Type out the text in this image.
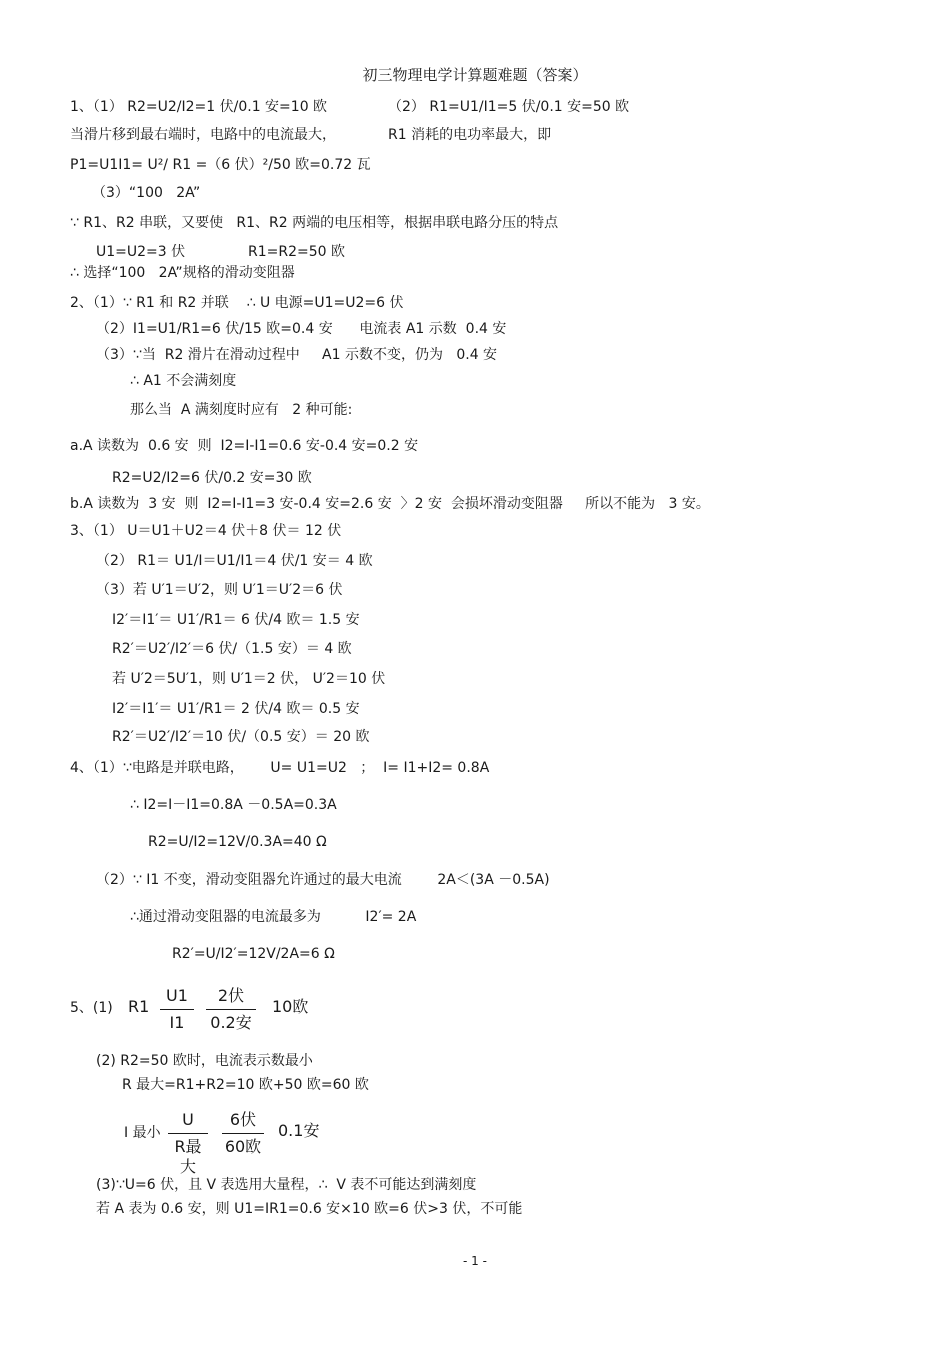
初三物理电学计算题难题（答案）
1、（1） R2=U2/I2=1 伏/0.1 安=10 欧	（2） R1=U1/I1=5 伏/0.1 安=50 欧
当滑片移到最右端时，电路中的电流最大，	R1 消耗的电功率最大，即
P1=U1I1= U²/ R1 =（6 伏）²/50 欧=0.72 瓦
（3）“100   2A”
∵ R1、R2 串联，又要使   R1、R2 两端的电压相等，根据串联电路分压的特点
U1=U2=3 伏	R1=R2=50 欧
∴ 选择“100   2A”规格的滑动变阻器
2、（1）∵ R1 和 R2 并联    ∴ U 电源=U1=U2=6 伏
（2）I1=U1/R1=6 伏/15 欧=0.4 安      电流表 A1 示数  0.4 安
（3）∵当  R2 滑片在滑动过程中     A1 示数不变，仍为   0.4 安
∴ A1 不会满刻度
那么当  A 满刻度时应有   2 种可能:
a.A 读数为  0.6 安  则  I2=I-I1=0.6 安-0.4 安=0.2 安
R2=U2/I2=6 伏/0.2 安=30 欧
b.A 读数为  3 安  则  I2=I-I1=3 安-0.4 安=2.6 安  〉2 安  会损坏滑动变阻器     所以不能为   3 安。
3、（1） U＝U1＋U2＝4 伏＋8 伏＝ 12 伏
（2） R1＝ U1/I＝U1/I1＝4 伏/1 安＝ 4 欧
（3）若 U′1＝U′2，则 U′1＝U′2＝6 伏
I2′＝I1′＝ U1′/R1＝ 6 伏/4 欧＝ 1.5 安
R2′＝U2′/I2′＝6 伏/（1.5 安）＝ 4 欧
若 U′2＝5U′1，则 U′1＝2 伏， U′2＝10 伏
I2′＝I1′＝ U1′/R1＝ 2 伏/4 欧＝ 0.5 安
R2′＝U2′/I2′＝10 伏/（0.5 安）＝ 20 欧
4、（1）∵电路是并联电路，      U= U1=U2   ；  I= I1+I2= 0.8A
∴ I2=I－I1=0.8A －0.5A=0.3A
R2=U/I2=12V/0.3A=40 Ω
（2）∵ I1 不变，滑动变阻器允许通过的最大电流        2A＜(3A －0.5A)
∴通过滑动变阻器的电流最多为          I2′= 2A
R2′=U/I2′=12V/2A=6 Ω
5、(1) R1
U1
I1
2伏
0.2安
10欧
(2) R2=50 欧时，电流表示数最小
R 最大=R1+R2=10 欧+50 欧=60 欧
I 最小
U
R最大
6伏
60欧
0.1安
(3)∵U=6 伏，且 V 表选用大量程，∴  V 表不可能达到满刻度
若 A 表为 0.6 安，则 U1=IR1=0.6 安×10 欧=6 伏>3 伏，不可能
- 1 -
